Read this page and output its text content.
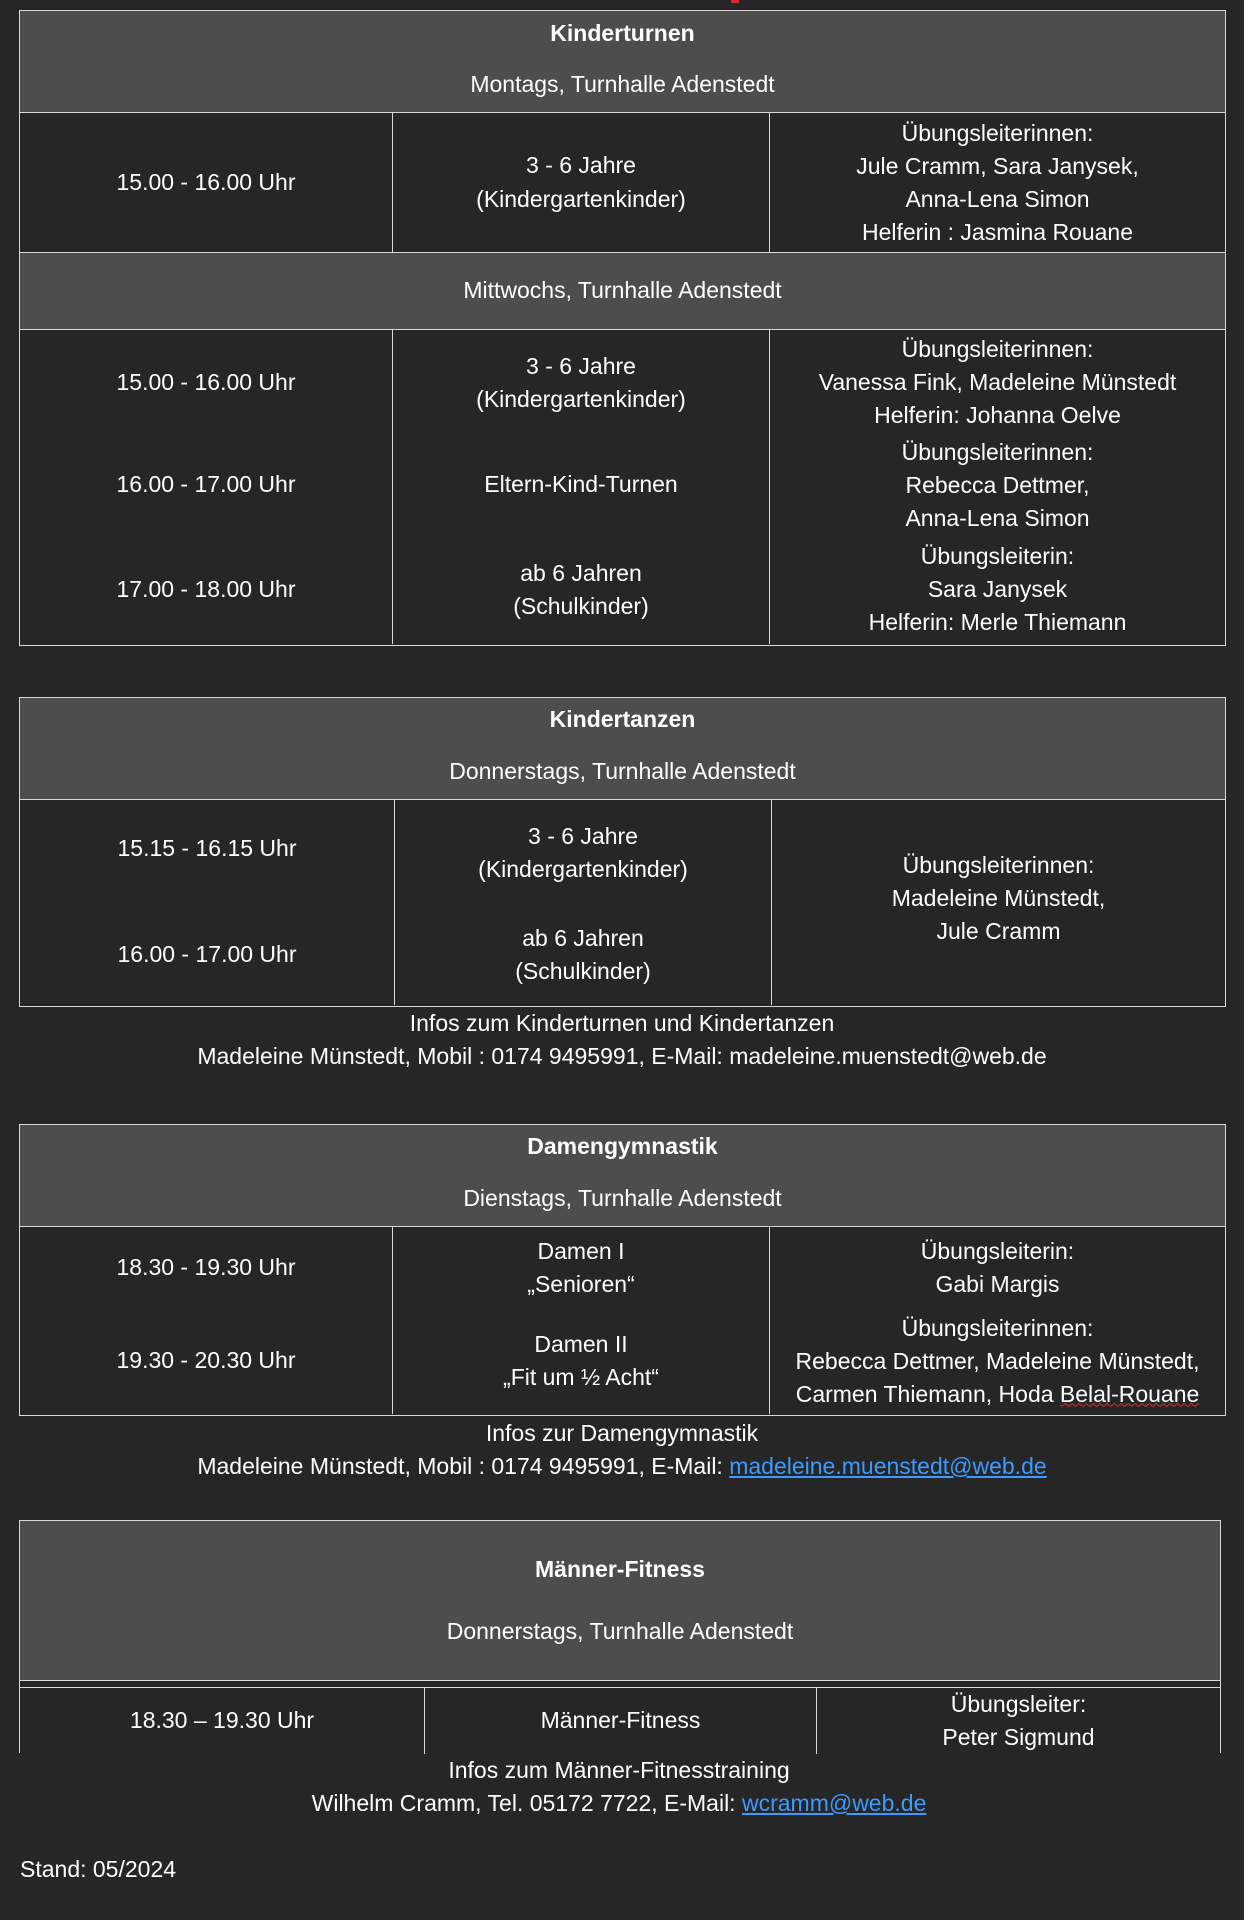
Kinderturnen
Montags, Turnhalle Adenstedt
15.00 - 16.00 Uhr
3 - 6 Jahre
(Kindergartenkinder)
Übungsleiterinnen:
Jule Cramm, Sara Janysek,
Anna-Lena Simon
Helferin : Jasmina Rouane
Mittwochs, Turnhalle Adenstedt
15.00 - 16.00 Uhr
3 - 6 Jahre
(Kindergartenkinder)
Übungsleiterinnen:
Vanessa Fink, Madeleine Münstedt
Helferin: Johanna Oelve
16.00 - 17.00 Uhr	Eltern-Kind-Turnen
Übungsleiterinnen:
Rebecca Dettmer,
Anna-Lena Simon
17.00 - 18.00 Uhr
ab 6 Jahren
(Schulkinder)
Übungsleiterin:
Sara Janysek
Helferin: Merle Thiemann
Kindertanzen
Donnerstags, Turnhalle Adenstedt
15.15 - 16.15 Uhr
16.00 - 17.00 Uhr
3 - 6 Jahre
(Kindergartenkinder)
ab 6 Jahren
(Schulkinder)
Übungsleiterinnen:
Madeleine Münstedt,
Jule Cramm
Infos zum Kinderturnen und Kindertanzen
Madeleine Münstedt, Mobil : 0174 9495991, E-Mail: madeleine.muenstedt@web.de
Damengymnastik
Dienstags, Turnhalle Adenstedt
18.30 - 19.30 Uhr
Damen I
„Senioren“
Übungsleiterin:
Gabi Margis
19.30 - 20.30 Uhr
Damen II
„Fit um ½ Acht“
Übungsleiterinnen:
Rebecca Dettmer, Madeleine Münstedt,
Carmen Thiemann, Hoda Belal-Rouane
Infos zur Damengymnastik
Madeleine Münstedt, Mobil : 0174 9495991, E-Mail: madeleine.muenstedt@web.de
Männer-Fitness
Donnerstags, Turnhalle Adenstedt
18.30 – 19.30 Uhr	Männer-Fitness
Übungsleiter:
Peter Sigmund
Infos zum Männer-Fitnesstraining
Wilhelm Cramm, Tel. 05172 7722, E-Mail: wcramm@web.de
Stand: 05/2024
